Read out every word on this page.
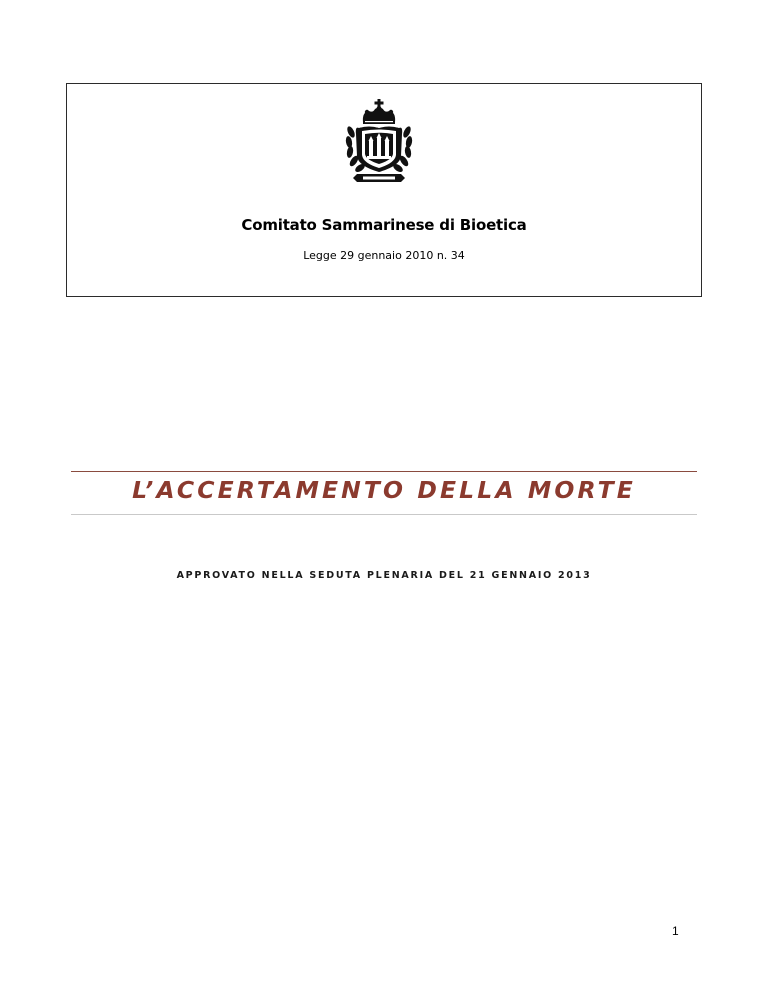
Comitato Sammarinese di Bioetica
Legge 29 gennaio 2010 n. 34
L’ACCERTAMENTO DELLA MORTE
APPROVATO NELLA SEDUTA PLENARIA DEL 21 GENNAIO 2013
1
